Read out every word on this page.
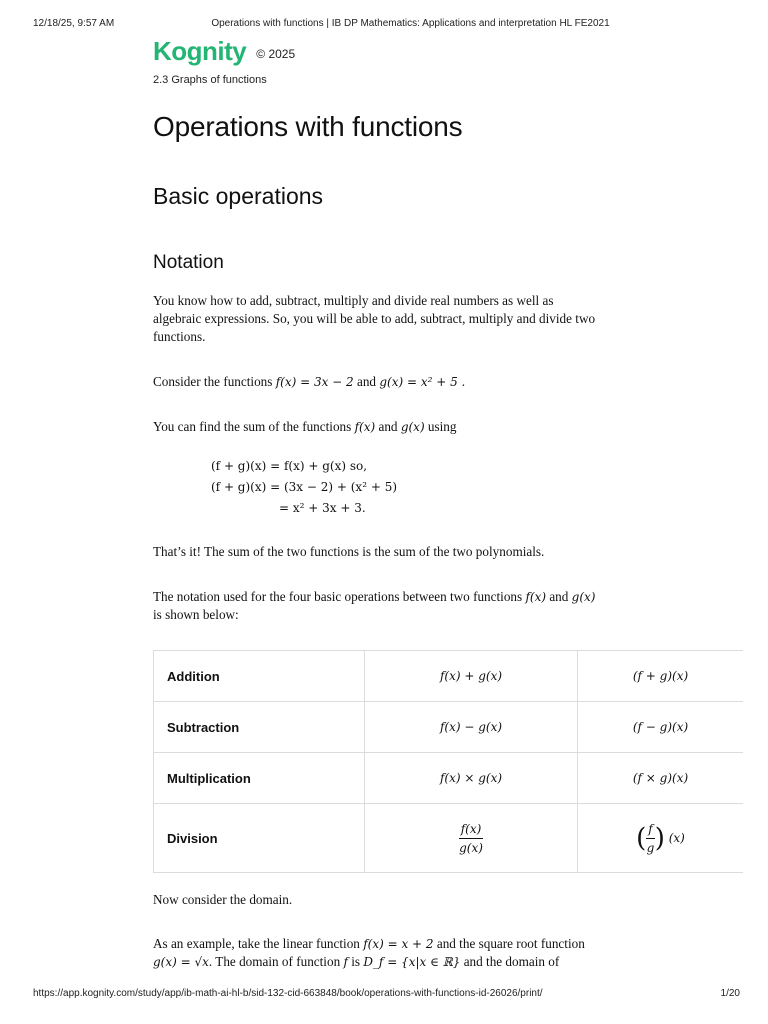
12/18/25, 9:57 AM	Operations with functions | IB DP Mathematics: Applications and interpretation HL FE2021
Kognity © 2025
2.3 Graphs of functions
Operations with functions
Basic operations
Notation
You know how to add, subtract, multiply and divide real numbers as well as algebraic expressions. So, you will be able to add, subtract, multiply and divide two functions.
Consider the functions f(x) = 3x − 2 and g(x) = x² + 5 .
You can find the sum of the functions f(x) and g(x) using
(f + g)(x) = f(x) + g(x) so,
(f + g)(x) = (3x − 2) + (x² + 5)
= x² + 3x + 3.
That’s it! The sum of the two functions is the sum of the two polynomials.
The notation used for the four basic operations between two functions f(x) and g(x) is shown below:
Addition	f(x) + g(x)	(f + g)(x)
Subtraction	f(x) − g(x)	(f − g)(x)
Multiplication	f(x) × g(x)	(f × g)(x)
Division	$\frac{f(x)}{g(x)}$	( $\frac{f}{g}$ ) (x)
Now consider the domain.
As an example, take the linear function f(x) = x + 2 and the square root function
g(x) = √x. The domain of function f is D_f = {x|x ∈ ℝ} and the domain of
https://app.kognity.com/study/app/ib-math-ai-hl-b/sid-132-cid-663848/book/operations-with-functions-id-26026/print/	1/20
